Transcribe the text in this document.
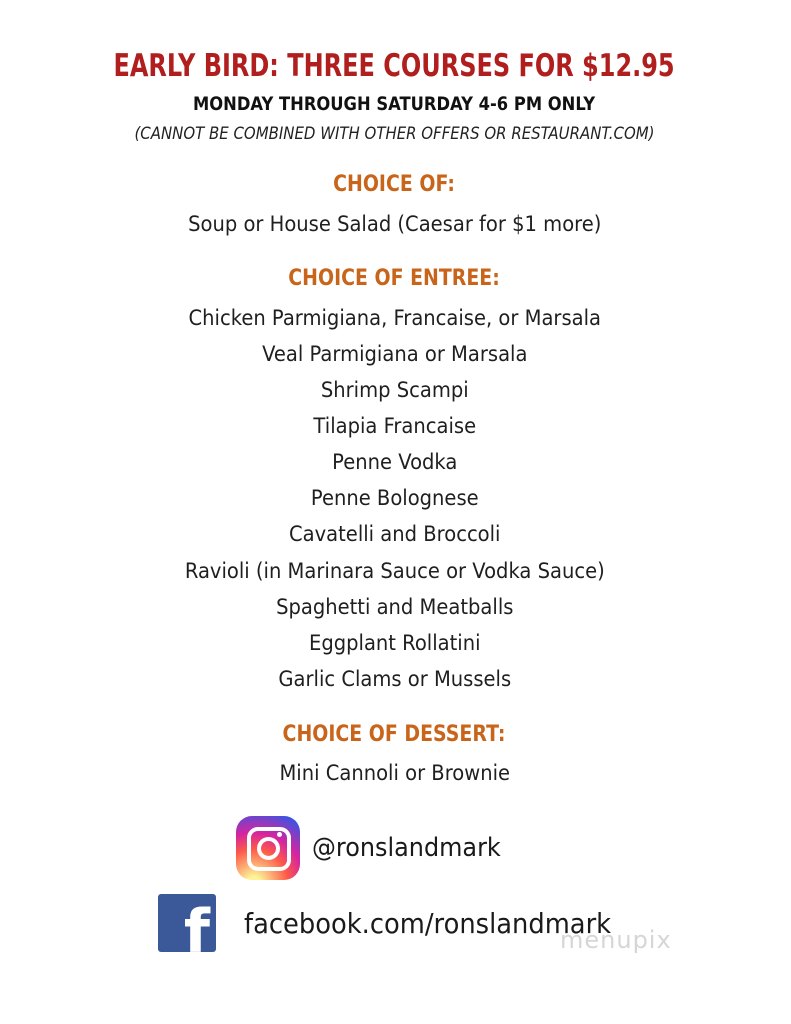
EARLY BIRD: THREE COURSES FOR $12.95
MONDAY THROUGH SATURDAY 4-6 PM ONLY
(CANNOT BE COMBINED WITH OTHER OFFERS OR RESTAURANT.COM)
CHOICE OF:
Soup or House Salad (Caesar for $1 more)
CHOICE OF ENTREE:
Chicken Parmigiana, Francaise, or Marsala
Veal Parmigiana or Marsala
Shrimp Scampi
Tilapia Francaise
Penne Vodka
Penne Bolognese
Cavatelli and Broccoli
Ravioli (in Marinara Sauce or Vodka Sauce)
Spaghetti and Meatballs
Eggplant Rollatini
Garlic Clams or Mussels
CHOICE OF DESSERT:
Mini Cannoli or Brownie
@ronslandmark
f facebook.com/ronslandmark
menupix
